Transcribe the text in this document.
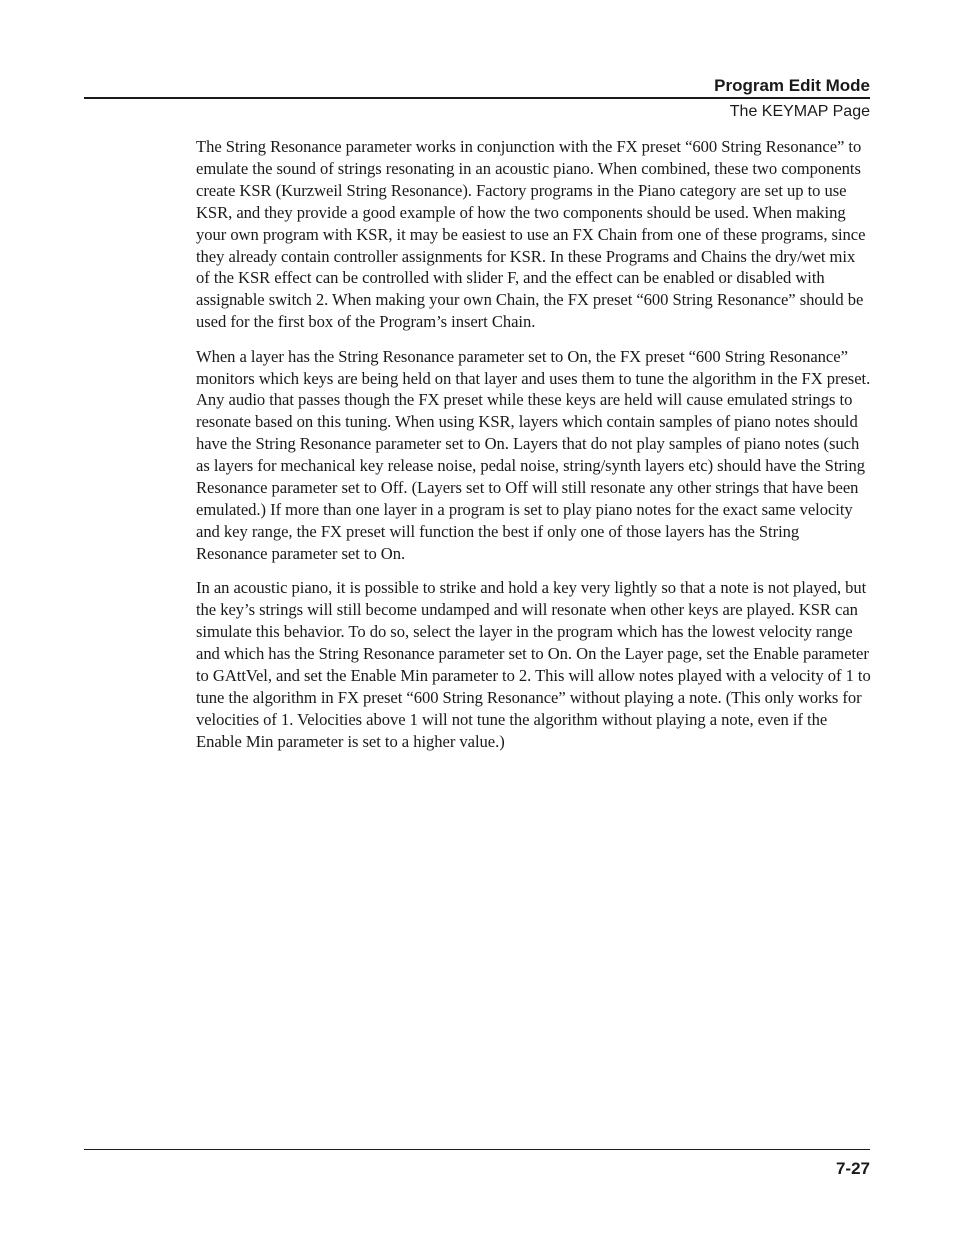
Program Edit Mode
The KEYMAP Page

The String Resonance parameter works in conjunction with the FX preset “600 String Resonance” to emulate the sound of strings resonating in an acoustic piano. When combined, these two components create KSR (Kurzweil String Resonance). Factory programs in the Piano category are set up to use KSR, and they provide a good example of how the two components should be used. When making your own program with KSR, it may be easiest to use an FX Chain from one of these programs, since they already contain controller assignments for KSR. In these Programs and Chains the dry/wet mix of the KSR effect can be controlled with slider F, and the effect can be enabled or disabled with assignable switch 2. When making your own Chain, the FX preset “600 String Resonance” should be used for the first box of the Program’s insert Chain.

When a layer has the String Resonance parameter set to On, the FX preset “600 String Resonance” monitors which keys are being held on that layer and uses them to tune the algorithm in the FX preset. Any audio that passes though the FX preset while these keys are held will cause emulated strings to resonate based on this tuning. When using KSR, layers which contain samples of piano notes should have the String Resonance parameter set to On. Layers that do not play samples of piano notes (such as layers for mechanical key release noise, pedal noise, string/synth layers etc) should have the String Resonance parameter set to Off. (Layers set to Off will still resonate any other strings that have been emulated.) If more than one layer in a program is set to play piano notes for the exact same velocity and key range, the FX preset will function the best if only one of those layers has the String Resonance parameter set to On.

In an acoustic piano, it is possible to strike and hold a key very lightly so that a note is not played, but the key’s strings will still become undamped and will resonate when other keys are played. KSR can simulate this behavior. To do so, select the layer in the program which has the lowest velocity range and which has the String Resonance parameter set to On. On the Layer page, set the Enable parameter to GAttVel, and set the Enable Min parameter to 2. This will allow notes played with a velocity of 1 to tune the algorithm in FX preset “600 String Resonance” without playing a note. (This only works for velocities of 1. Velocities above 1 will not tune the algorithm without playing a note, even if the Enable Min parameter is set to a higher value.)

7-27
